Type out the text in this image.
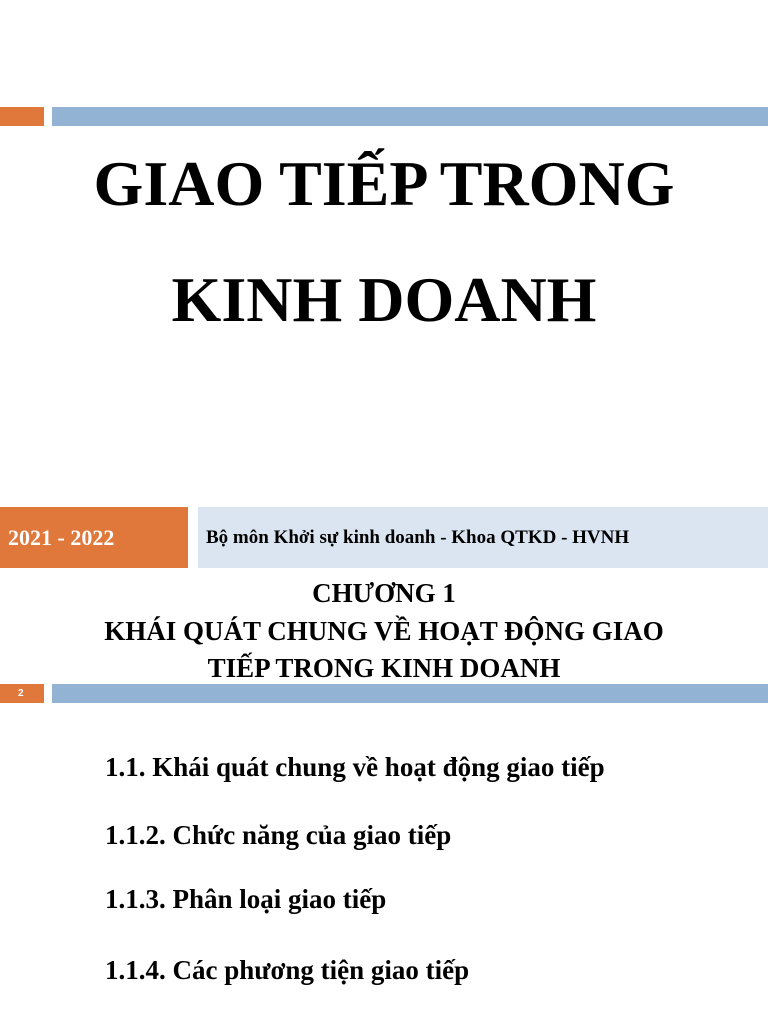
GIAO TIẾP TRONG
KINH DOANH
2021 - 2022	Bộ môn Khởi sự kinh doanh - Khoa QTKD - HVNH
CHƯƠNG 1
KHÁI QUÁT CHUNG VỀ HOẠT ĐỘNG GIAO
TIẾP TRONG KINH DOANH
2
1.1. Khái quát chung về hoạt động giao tiếp
1.1.2. Chức năng của giao tiếp
1.1.3. Phân loại giao tiếp
1.1.4. Các phương tiện giao tiếp
